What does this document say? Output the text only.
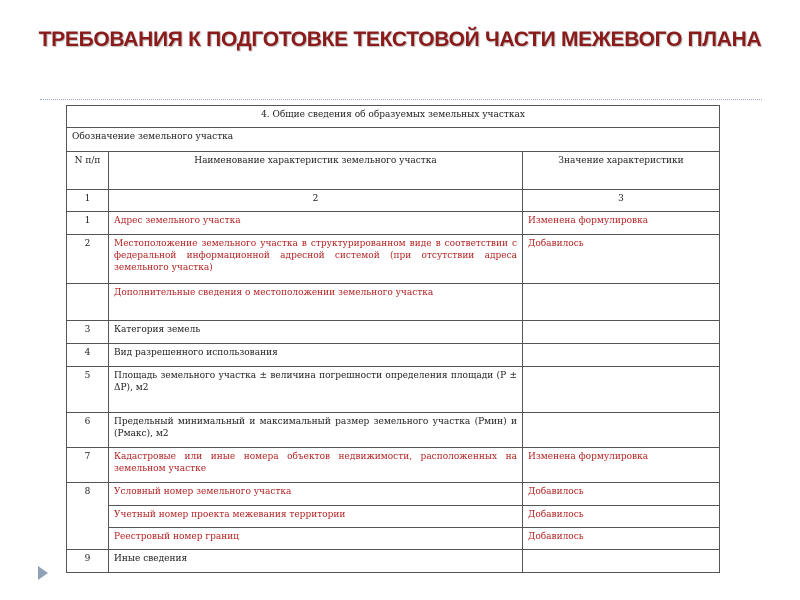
ТРЕБОВАНИЯ К ПОДГОТОВКЕ ТЕКСТОВОЙ ЧАСТИ МЕЖЕВОГО ПЛАНА
4. Общие сведения об образуемых земельных участках		
Обозначение земельного участка		
N п/п	Наименование характеристик земельного участка	Значение характеристики
1	2	3
1	Адрес земельного участка	Изменена формулировка
2	Местоположение земельного участка в структурированном виде в соответствии с федеральной информационной адресной системой (при отсутствии адреса земельного участка)	Добавилось
	Дополнительные сведения о местоположении земельного участка	
3	Категория земель	
4	Вид разрешенного использования	
5	Площадь земельного участка ± величина погрешности определения площади (P ± ΔP), м2	
6	Предельный минимальный и максимальный размер земельного участка (Pмин) и (Pмакс), м2	
7	Кадастровые или иные номера объектов недвижимости, расположенных на земельном участке	Изменена формулировка
8	Условный номер земельного участка	Добавилось
	Учетный номер проекта межевания территории	Добавилось
	Реестровый номер границ	Добавилось
9	Иные сведения	
